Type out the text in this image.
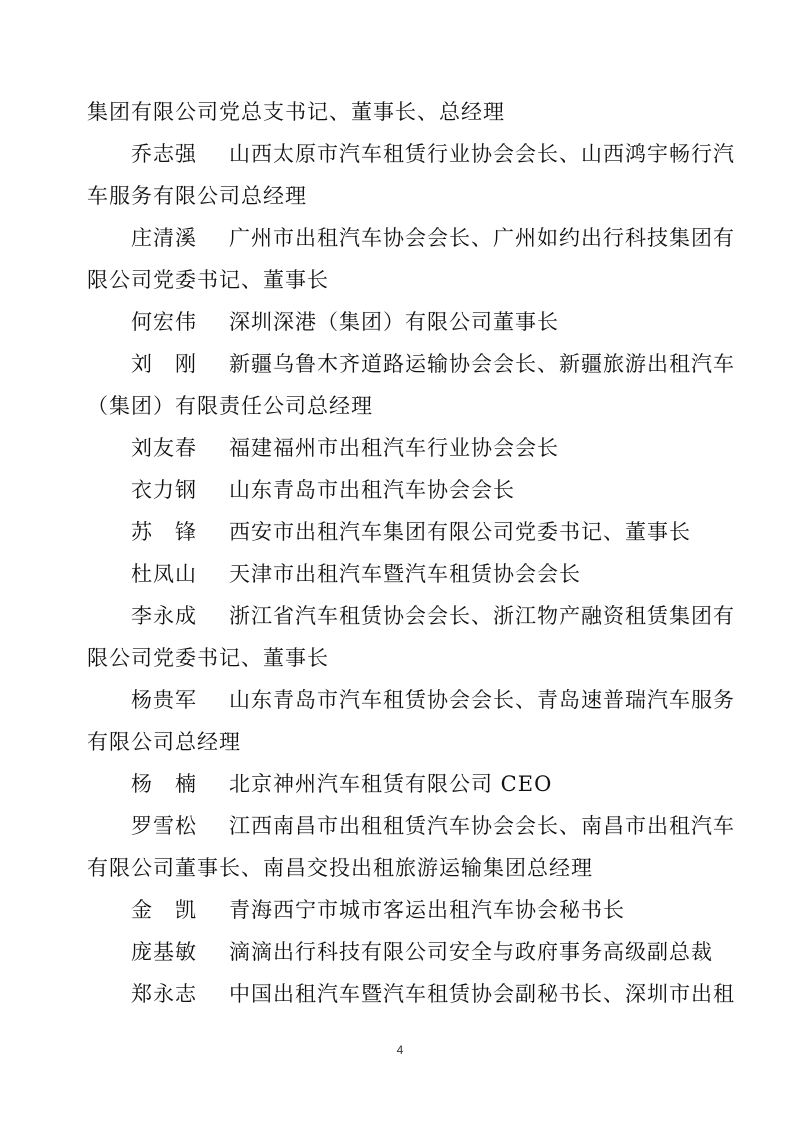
集团有限公司党总支书记、董事长、总经理
乔志强 山西太原市汽车租赁行业协会会长、山西鸿宇畅行汽
车服务有限公司总经理
庄清溪 广州市出租汽车协会会长、广州如约出行科技集团有
限公司党委书记、董事长
何宏伟 深圳深港（集团）有限公司董事长
刘　刚 新疆乌鲁木齐道路运输协会会长、新疆旅游出租汽车
（集团）有限责任公司总经理
刘友春 福建福州市出租汽车行业协会会长
衣力钢 山东青岛市出租汽车协会会长
苏　锋 西安市出租汽车集团有限公司党委书记、董事长
杜凤山 天津市出租汽车暨汽车租赁协会会长
李永成 浙江省汽车租赁协会会长、浙江物产融资租赁集团有
限公司党委书记、董事长
杨贵军 山东青岛市汽车租赁协会会长、青岛速普瑞汽车服务
有限公司总经理
杨　楠 北京神州汽车租赁有限公司 CEO
罗雪松 江西南昌市出租租赁汽车协会会长、南昌市出租汽车
有限公司董事长、南昌交投出租旅游运输集团总经理
金　凯 青海西宁市城市客运出租汽车协会秘书长
庞基敏 滴滴出行科技有限公司安全与政府事务高级副总裁
郑永志 中国出租汽车暨汽车租赁协会副秘书长、深圳市出租
4
